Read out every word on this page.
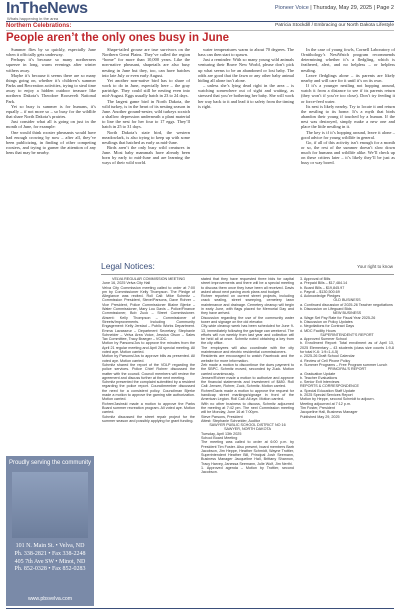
InTheNews
Whats happening in the area
Pioneer Voice | Thursday, May 29, 2025 | Page 2
Northern Celebrations:	Patricia Stockdill / Embracing our North Dakota Lifestyle
People aren’t the only ones busy in June

Summer flies by so quickly, especially June when it officially gets underway.

Perhaps it’s because so many northerners squeeze in long, warm evenings after winter withers away.

Maybe it’s because it seems there are so many things going on, whether it’s children’s summer Parks and Recreation activities, trying to steal time away to enjoy a hidden outdoor treasure like northern Dakota’s Theodore Roosevelt National Park.

Yet so busy is summer is for humans, it’s equally – if not more so – so busy for the wildlife that share North Dakota’s prairies.

Just consider what all is going on just in the month of June, for example:

One would think rooster pheasants would have had enough crowing by now – after all, they’ve been publicizing, in finding of other competing roosters, and trying to garner the attention of any hens that may be nearby.

Shape-tailed grouse are true survivors on the Northern Great Plains. They’ve called the region “home” for more than 10,000 years. Like the non-native pheasant, shapetails are also busy nesting in June but they, too, can have batches into late July or even early August.

Yet another non-native bird has to share of work to do in June, especially here – the gray partridge. They could still be nesting even into mid-August. Eggs usually hatch in 23 to 24 days.

The largest game bird in North Dakota, the wild turkey, is in the heart of its nesting season in June. Another ground-nester, wild turkeys scratch a shallow depression underneath a plant material to line the nest for her four to 17 eggs. They’ll hatch in 25 to 31 days.

North Dakota’s state bird, the western meadowlark, is also trying to keep up with some nestlings that hatched as early as mid-June.

Birds aren’t the only busy wild creatures in June. Most baby mammals have already been born by early to mid-June and are learning the ways of their wild world.

water temperatures warm to about 70 degrees. The bass can then start to spawn.

Just a reminder: With so many young wild animals venturing their Brave New World, please don’t pick up what seems to be an abandoned or lost baby. The odds are good that the fawn or any other baby animal hiding all alone isn’t alone.

– unless she’s lying dead right in the area – is watching somewhere out of sight and waiting, as stressed that you’re bothering her baby. She will work her way back to it and lead it to safety from the timing is right.

In the case of young fowls, Cornell Laboratory of Ornithology’s NestWatch program recommends determining whether it’s a fledgling, which is feathered, alert, and no helpless – or helpless nestling.

Leave fledglings alone – its parents are likely nearby and will care for it until it’s on its own.

If it’s a younger nestling not hopping around, watch it from a distance to see if its parents return (they won’t if you’re too close). Don’t try feeding it or force-feed water.

Its nest is likely nearby. Try to locate it and return the nestling to its home. It’s a myth that birds abandon their young if touched by a human. If the nest was destroyed, simply make a new one and place the little nestling in it.

The key is if it’s hopping around, leave it alone – good advice for young wildlife in general.

Go, if all of this activity isn’t enough for a month or so, the rest of the summer doesn’t slow down much for humans and wildlife alike. We’ll check up on these critters later – it’s likely they’ll be just as busy or way bored.

Legal Notices:	Your right to know
VELVA REGULAR COMMISSION MEETING
June 16, 2025 Velva City Hall
Velva City Commission meeting called to order at 7:00 pm by Commissioner Kelly Thompson. The Pledge of Allegiance was recited. Roll Call: Mike Schmitz – Commission President, Steve/Parsons, Dave Rohrer – Vice President, Police Commissioner Blaine Bjerke – Water Commissioner, Mary Lou Davis – Police/Finance Commissioner, Bob Zuck – Street Commissioner. Absent: Kelly Thompson – Commissioner of Streets/Improvements. Including Community Engagement: Kelly Jerstad – Public Works Department. Emma Lavasseur – Department Secretary, Stephanie Schneider – Velva Area Voice, Jessica Olson – Sales Tax Committee, Tracy Braeger – VCDC.
Motion by Parsons/Jos to approve the minutes from the April 21 regular meeting and April 28 special meeting. All voted aye. Motion carried.
Motion by Parsons/Jos to approve bills as presented. All voted aye. Motion carried.
Schmitz shared the report of the VDLP regarding the police services. Police Chief Rohrer discussed the matter with the council. Council members will review the agreement and discuss further at the next meeting.
Schmitz presented the complaint submitted by a resident regarding the police report. Councilmember discussed the need for a consistent policy. Councilman Bjerke made a motion to approve the gaming site authorization. Motion carried.
Rohrer/Jasinski made a motion to approve the Parks Board summer recreation program. All voted aye. Motion carried.
Schmitz discussed the street repair project for the summer season and possibly applying for grant funding.
stated that they have requested three bids for capital street improvements and there will be a special meeting to discuss them once they have been all received. Davis asked about next paving work plans and budget.
Rohrer reported on current street projects, including crack sealing, street sweeping, cemetery lawn maintenance and drainage. Cemetery cleanup will begin in early June, with flags placed for Memorial Day and they have arrived.
Discussion regarding the use of the community water tower and signage on the old elevator.
City-wide cleanup week has been scheduled for June 9-13, immediately following the garbage can weekend. The efforts will run weekly from last year and collection will be held all at once. Schmitz noted obtaining a key from the city office.
The employees will also coordinate with the city maintenance and electric residential commissioners.
Residents are encouraged to watch Facebook and the website for more information.
Zeb made a motion to discontinue the dues payment to the SBPC. Schmitz moved, seconded by Zuck. Motion carried unanimously.
Jensen/Rohrer made a motion to authorize and approve the financial statements and investment of $480. Roll Call: Jensen, Rohrer, Zuck, Schmitz. Motion carried.
Rohrer/Davis made a motion to approve the request for handicap street markings/signage in front of the American Legion. Roll Call: All aye. Motion carried.
With no other business to discuss, Schmitz adjourned the meeting at 7:42 pm. The next Commission meeting will be Monday, June 16 at 7:00pm.
Steve Parsons, President
Attest: Stephanie Schneider, Auditor
SAWYER PUBLIC SCHOOL DISTRICT NO 16
SAWYER, NORTH DAKOTA
Tuesday, April 13th 2025
School Board Meeting
The meeting was called to order at 6:00 p.m. by President Tim Foster. Also present, board members Barb Jacobson, Jim Heppe, Heather Schmidt, Wayne Trottier, Superintendent Heather Bill, Principal Josh Seemann, Business Manager Jacqueline Hall, Brittany Shannon, Tracy Harvey, Janessa Seemann, Julie Wolf, Jim Nerthi.
1. Approved agenda – Motion by Trottier, second Jacobson.
3. Approval of Bills
a. Prepaid Bills – $17,484.14
b. Board Bills – $19,845.97
c. Payroll – $130,500.69
4. Acknowledge Pledges
OLD BUSINESS
a. Continued discussion of 2025-26 Teacher negotiations
b. Discussion on Lifeguard Bids
NEW BUSINESS
a. Wage Set Pay Rate for Fiscal Year 2025-26
b. Discussion on Policy Updates
c. Negotiations for Contract Days
d. MDC Facility Hours
SUPERINTENDENT’S REPORT
a. Approved Summer School
b. Enrollment Report: Total enrollment as of April 13, 2025 Elementary – 43 students (class size counts 1:9-8 for total K-6: 1:9=1-4-5)
c. 2025-26 Draft School Calendar
d. Review of Cell Phone Policy
e. Summer Programs – Free Program summer Lunch
PRINCIPAL’S REPORT
a. Graduation Update
b. Teacher Evaluations
c. Senior Exit Interviews
REPORTS & CORRESPONDENCE
a. Special Education Staff Update
b. 2025 Special Services Report
Motion by Heppe, second Schmidt to adjourn.
Meeting adjourned at 7:12 p.m.
Tim Foster, President
Jacqueline Hall, Business Manager
Published May 29, 2025
Proudly serving the community
101 N. Main St. • Velva, ND
Ph. 338-2821 • Fax 338-2248
405 7th Ave SW • Minot, ND
Ph. 852-0328 • Fax 852-0283
www.pbsvelva.com
